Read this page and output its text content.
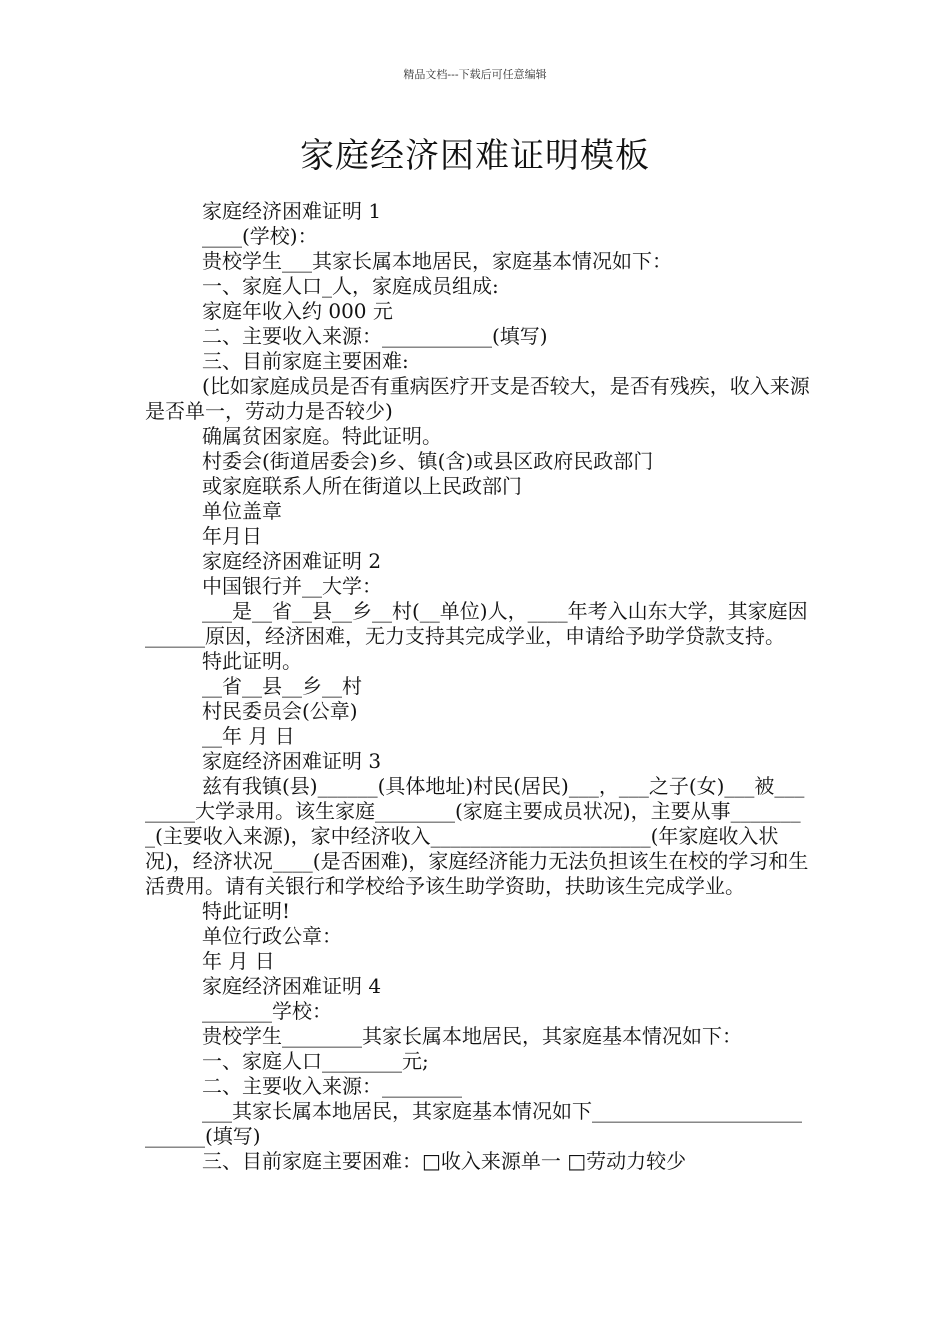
精品文档---下载后可任意编辑
家庭经济困难证明模板

家庭经济困难证明 1

____(学校)：

贵校学生___其家长属本地居民，家庭基本情况如下：

一、家庭人口_人，家庭成员组成:

家庭年收入约 000 元

二、主要收入来源：___________(填写)

三、目前家庭主要困难:

(比如家庭成员是否有重病医疗开支是否较大，是否有残疾，收入来源是否单一，劳动力是否较少)

确属贫困家庭。特此证明。

村委会(街道居委会)乡、镇(含)或县区政府民政部门

或家庭联系人所在街道以上民政部门

单位盖章

年月日

家庭经济困难证明 2

中国银行并__大学：

___是__省__县__乡__村(__单位)人，____年考入山东大学，其家庭因______原因，经济困难，无力支持其完成学业，申请给予助学贷款支持。

特此证明。

__省__县__乡__村

村民委员会(公章)

__年 月 日

家庭经济困难证明 3

兹有我镇(县)______(具体地址)村民(居民)___，___之子(女)___被________大学录用。该生家庭________(家庭主要成员状况)，主要从事________(主要收入来源)，家中经济收入______________________(年家庭收入状况)，经济状况____(是否困难)，家庭经济能力无法负担该生在校的学习和生活费用。请有关银行和学校给予该生助学资助，扶助该生完成学业。

特此证明!

单位行政公章：

年 月 日

家庭经济困难证明 4

_______学校：

贵校学生________其家长属本地居民，其家庭基本情况如下：

一、家庭人口________元;

二、主要收入来源：________

___其家长属本地居民，其家庭基本情况如下___________________________(填写)

三、目前家庭主要困难：□收入来源单一 □劳动力较少
